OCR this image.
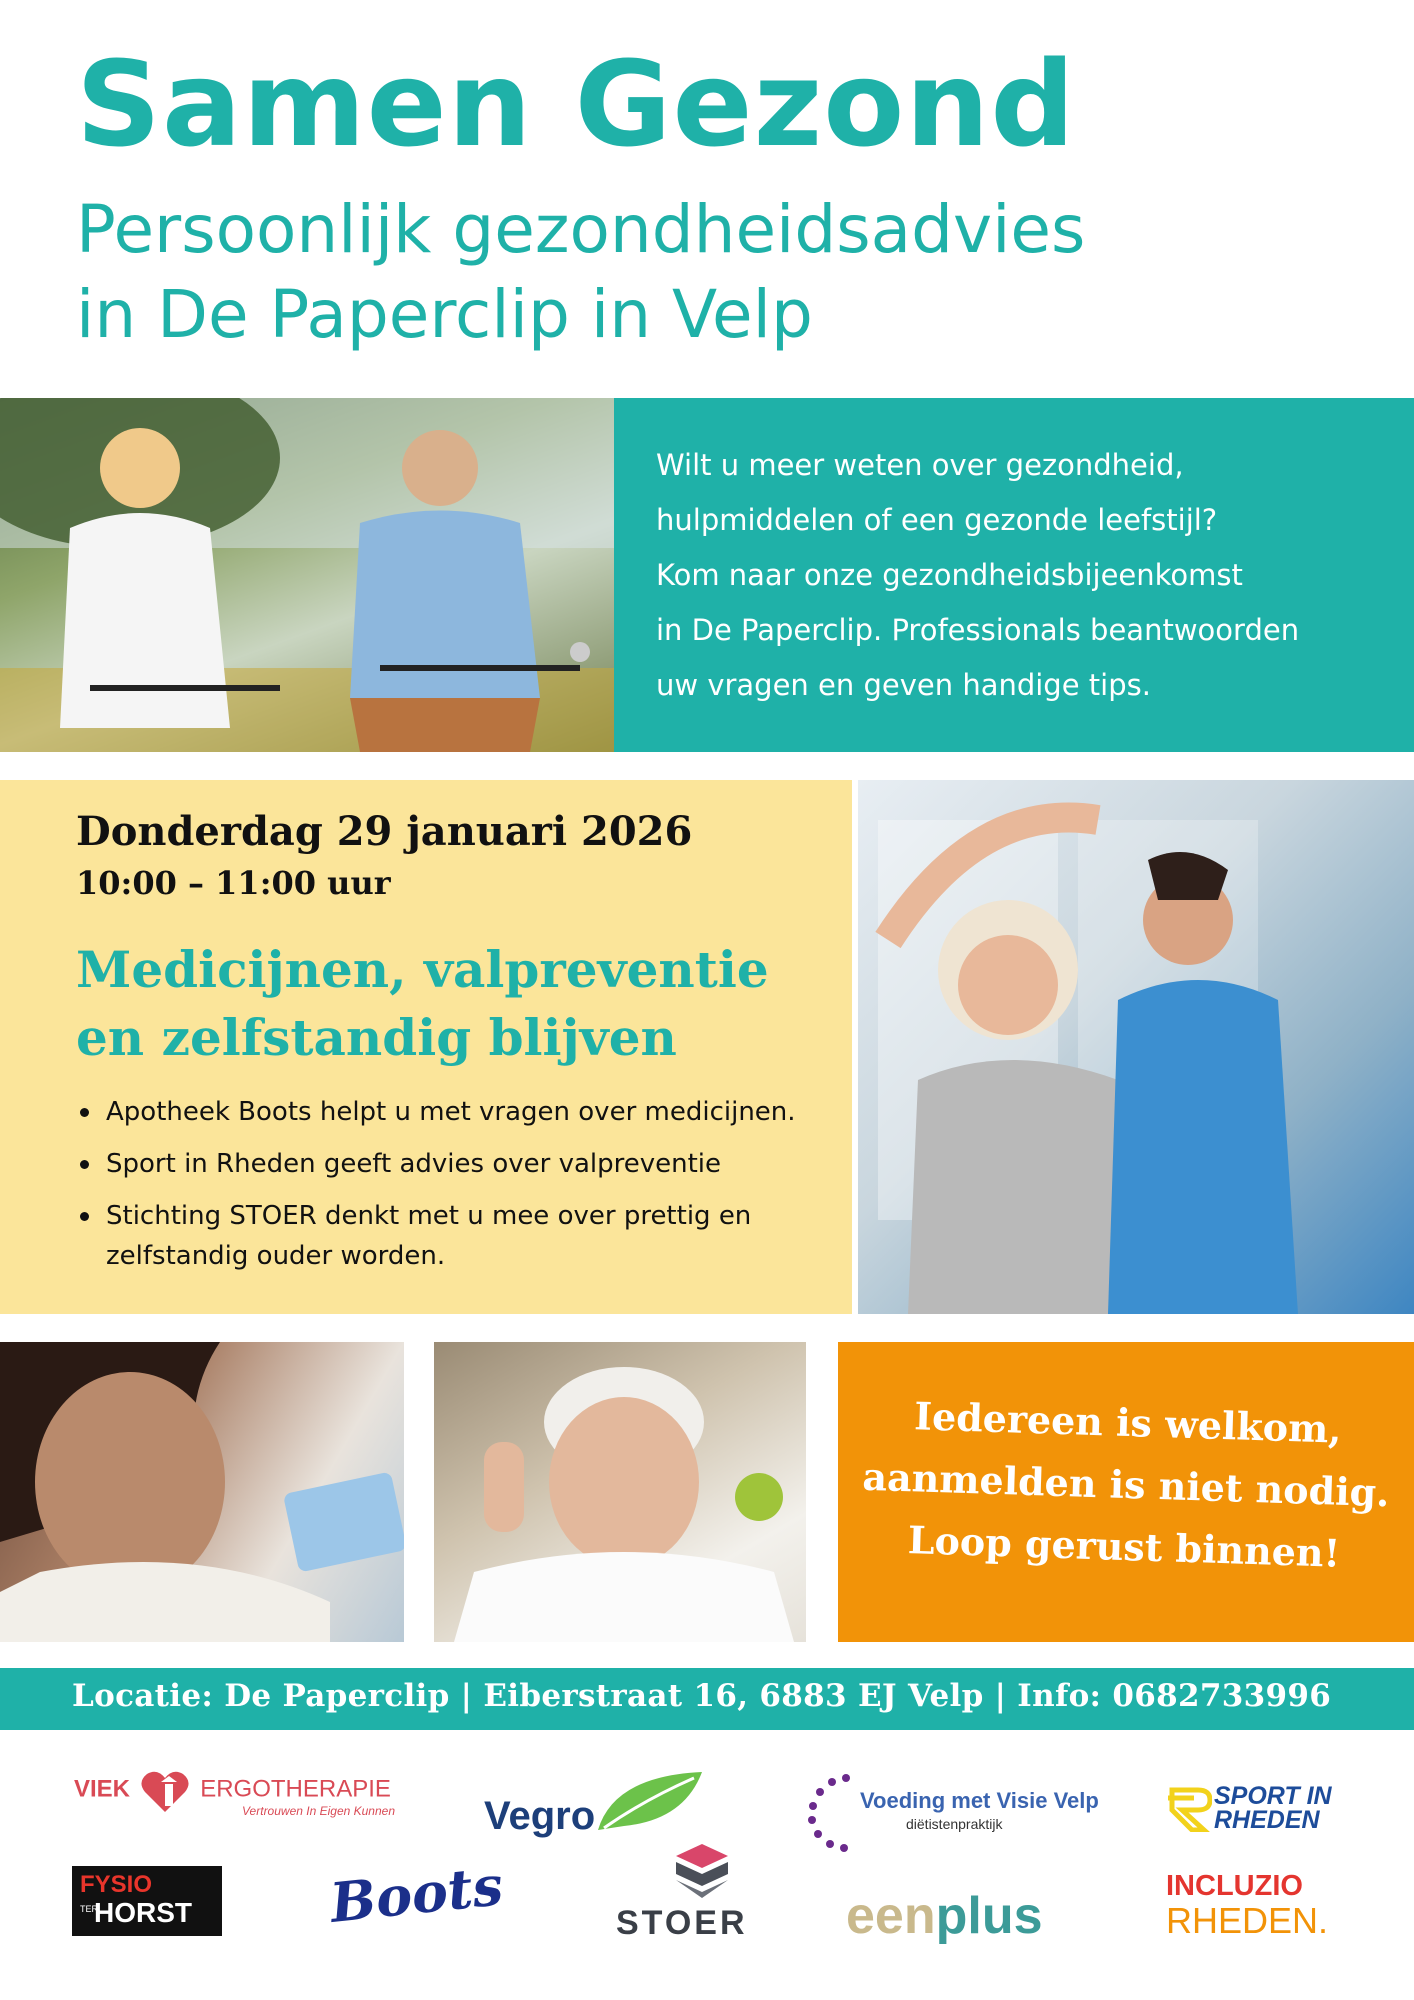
Samen Gezond
Persoonlijk gezondheidsadvies
in De Paperclip in Velp
Wilt u meer weten over gezondheid,
hulpmiddelen of een gezonde leefstijl?
Kom naar onze gezondheidsbijeenkomst
in De Paperclip. Professionals beantwoorden
uw vragen en geven handige tips.
Donderdag 29 januari 2026
10:00 – 11:00 uur
Medicijnen, valpreventie
en zelfstandig blijven
Apotheek Boots helpt u met vragen over medicijnen.
Sport in Rheden geeft advies over valpreventie
Stichting STOER denkt met u mee over prettig en zelfstandig ouder worden.
Iedereen is welkom,
aanmelden is niet nodig.
Loop gerust binnen!
Locatie: De Paperclip | Eiberstraat 16, 6883 EJ Velp | Info: 0682733996
VIEK	ERGOTHERAPIE
Vertrouwen In Eigen Kunnen Vegro	Voeding met Visie Velp
diëtistenpraktijk
SPORT IN
RHEDEN
FYSIO
TER
HORST	Boots	STOER eenplus
INCLUZIO
RHEDEN.
